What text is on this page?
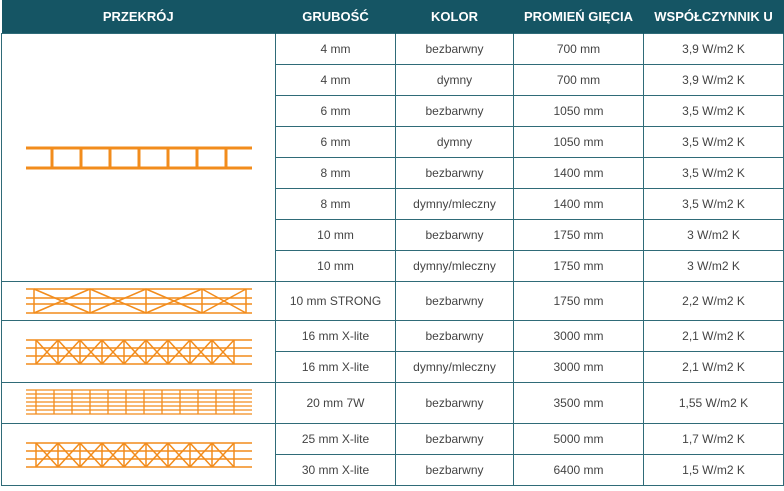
PRZEKRÓJ	GRUBOŚĆ	KOLOR	PROMIEŃ GIĘCIA	WSPÓŁCZYNNIK U

	4 mm	bezbarwny	700 mm	3,9 W/m2 K
	4 mm	dymny	700 mm	3,9 W/m2 K
	6 mm	bezbarwny	1050 mm	3,5 W/m2 K
	6 mm	dymny	1050 mm	3,5 W/m2 K
	8 mm	bezbarwny	1400 mm	3,5 W/m2 K
	8 mm	dymny/mleczny	1400 mm	3,5 W/m2 K
	10 mm	bezbarwny	1750 mm	3 W/m2 K
	10 mm	dymny/mleczny	1750 mm	3 W/m2 K

	10 mm STRONG	bezbarwny	1750 mm	2,2 W/m2 K

	16 mm X-lite	bezbarwny	3000 mm	2,1 W/m2 K
	16 mm X-lite	dymny/mleczny	3000 mm	2,1 W/m2 K

	20 mm 7W	bezbarwny	3500 mm	1,55 W/m2 K

	25 mm X-lite	bezbarwny	5000 mm	1,7 W/m2 K
	30 mm X-lite	bezbarwny	6400 mm	1,5 W/m2 K
